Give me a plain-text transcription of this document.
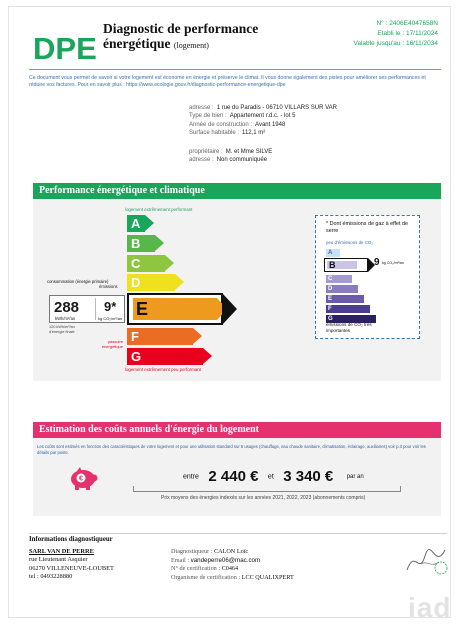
DPE
Diagnostic de performance énergétique (logement)
N° : 2406E4047658N
Etabli le : 17/11/2024
Valable jusqu'au : 16/11/2034
Ce document vous permet de savoir si votre logement est économe en énergie et préserve le climat. Il vous donne également des pistes pour améliorer ses performances et réduire vos factures. Pour en savoir plus : https://www.ecologie.gouv.fr/diagnostic-performance-energetique-dpe
adresse : 1 rue du Paradis - 06710 VILLARS SUR VAR
Type de bien : Appartement r.d.c. - lot 5
Année de construction : Avant 1948
Surface habitable : 112,1 m²
propriétaire : M. et Mme SILVE
adresse : Non communiquée
Performance énergétique et climatique
logement extrêmement performant
A
B
C
D
E
F
G
consommation (énergie primaire)
émissions
288
kWh/m²/an
9*
kg CO₂/m²/an
120 kWh/m²/an d'énergie finale
passoire énergétique
logement extrêmement peu performant
* Dont émissions de gaz à effet de serre
peu d'émissions de CO₂
A
B
C
D
E
F
G
9 kg CO₂/m²/an
émissions de CO₂ très importantes
Estimation des coûts annuels d'énergie du logement
Les coûts sont estimés en fonction des caractéristiques de votre logement et pour une utilisation standard sur 5 usages (chauffage, eau chaude sanitaire, climatisation, éclairage, auxiliaires) voir p.3 pour voir les détails par poste.
€	entre 2 440 € et 3 340 € par an
Prix moyens des énergies indexés sur les années 2021, 2022, 2023 (abonnements compris)
Informations diagnostiqueur
SARL VAN DE PERRE
rue Lieutenant Asquier
06270 VILLENEUVE-LOUBET
tel : 0493228880
Diagnostiqueur : CALON Loïc
Email : vandeperre06@mac.com
N° de certification : C0464
Organisme de certification : LCC QUALIXPERT
iad
